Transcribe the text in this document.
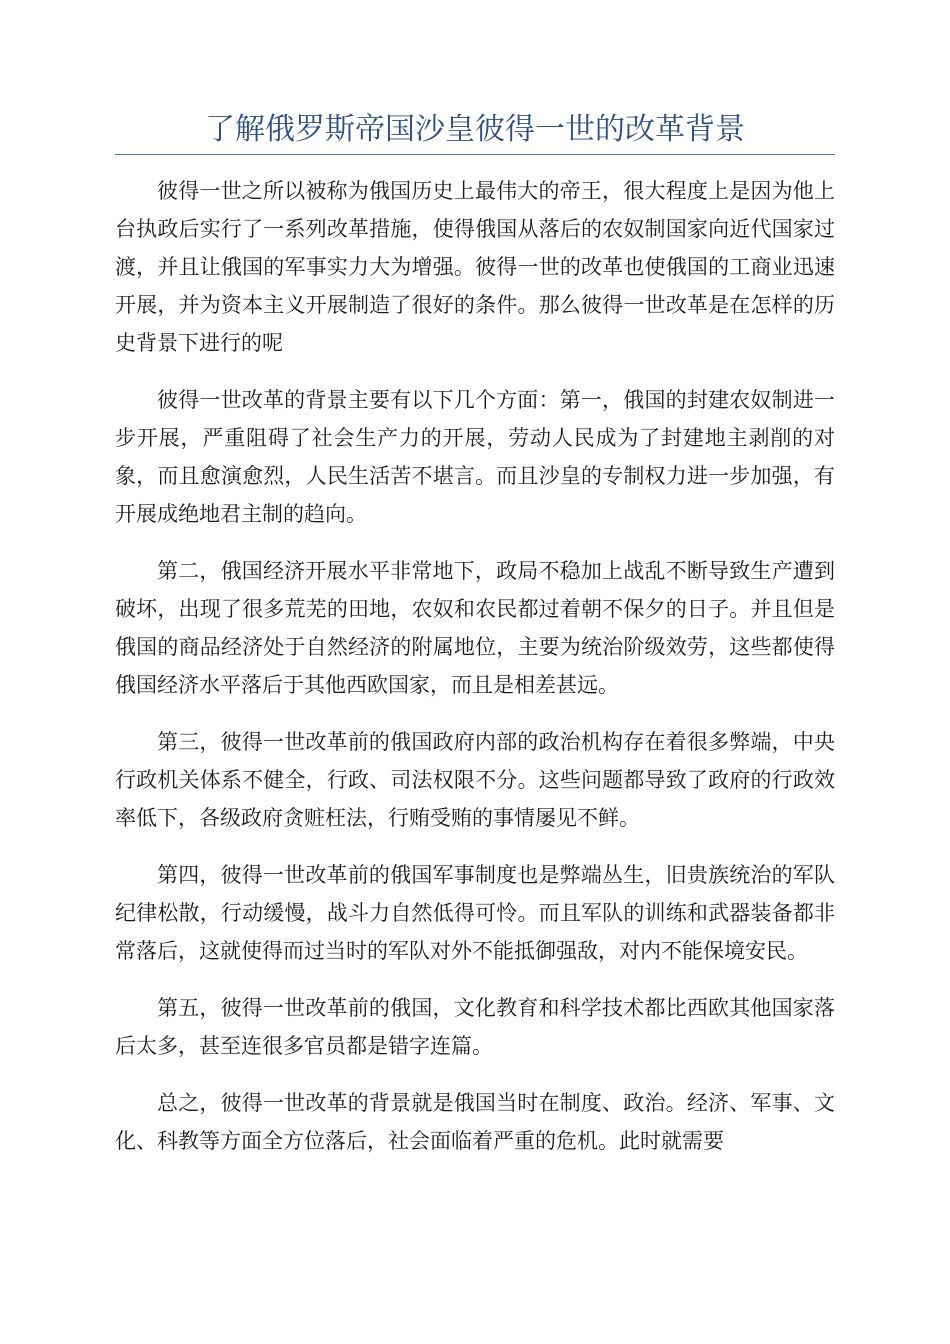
了解俄罗斯帝国沙皇彼得一世的改革背景

彼得一世之所以被称为俄国历史上最伟大的帝王，很大程度上是因为他上台执政后实行了一系列改革措施，使得俄国从落后的农奴制国家向近代国家过渡，并且让俄国的军事实力大为增强。彼得一世的改革也使俄国的工商业迅速开展，并为资本主义开展制造了很好的条件。那么彼得一世改革是在怎样的历史背景下进行的呢

彼得一世改革的背景主要有以下几个方面：第一，俄国的封建农奴制进一步开展，严重阻碍了社会生产力的开展，劳动人民成为了封建地主剥削的对象，而且愈演愈烈，人民生活苦不堪言。而且沙皇的专制权力进一步加强，有开展成绝地君主制的趋向。

第二，俄国经济开展水平非常地下，政局不稳加上战乱不断导致生产遭到破坏，出现了很多荒芜的田地，农奴和农民都过着朝不保夕的日子。并且但是俄国的商品经济处于自然经济的附属地位，主要为统治阶级效劳，这些都使得俄国经济水平落后于其他西欧国家，而且是相差甚远。

第三，彼得一世改革前的俄国政府内部的政治机构存在着很多弊端，中央行政机关体系不健全，行政、司法权限不分。这些问题都导致了政府的行政效率低下，各级政府贪赃枉法，行贿受贿的事情屡见不鲜。

第四，彼得一世改革前的俄国军事制度也是弊端丛生，旧贵族统治的军队纪律松散，行动缓慢，战斗力自然低得可怜。而且军队的训练和武器装备都非常落后，这就使得而过当时的军队对外不能抵御强敌，对内不能保境安民。

第五，彼得一世改革前的俄国，文化教育和科学技术都比西欧其他国家落后太多，甚至连很多官员都是错字连篇。

总之，彼得一世改革的背景就是俄国当时在制度、政治。经济、军事、文化、科教等方面全方位落后，社会面临着严重的危机。此时就需要
